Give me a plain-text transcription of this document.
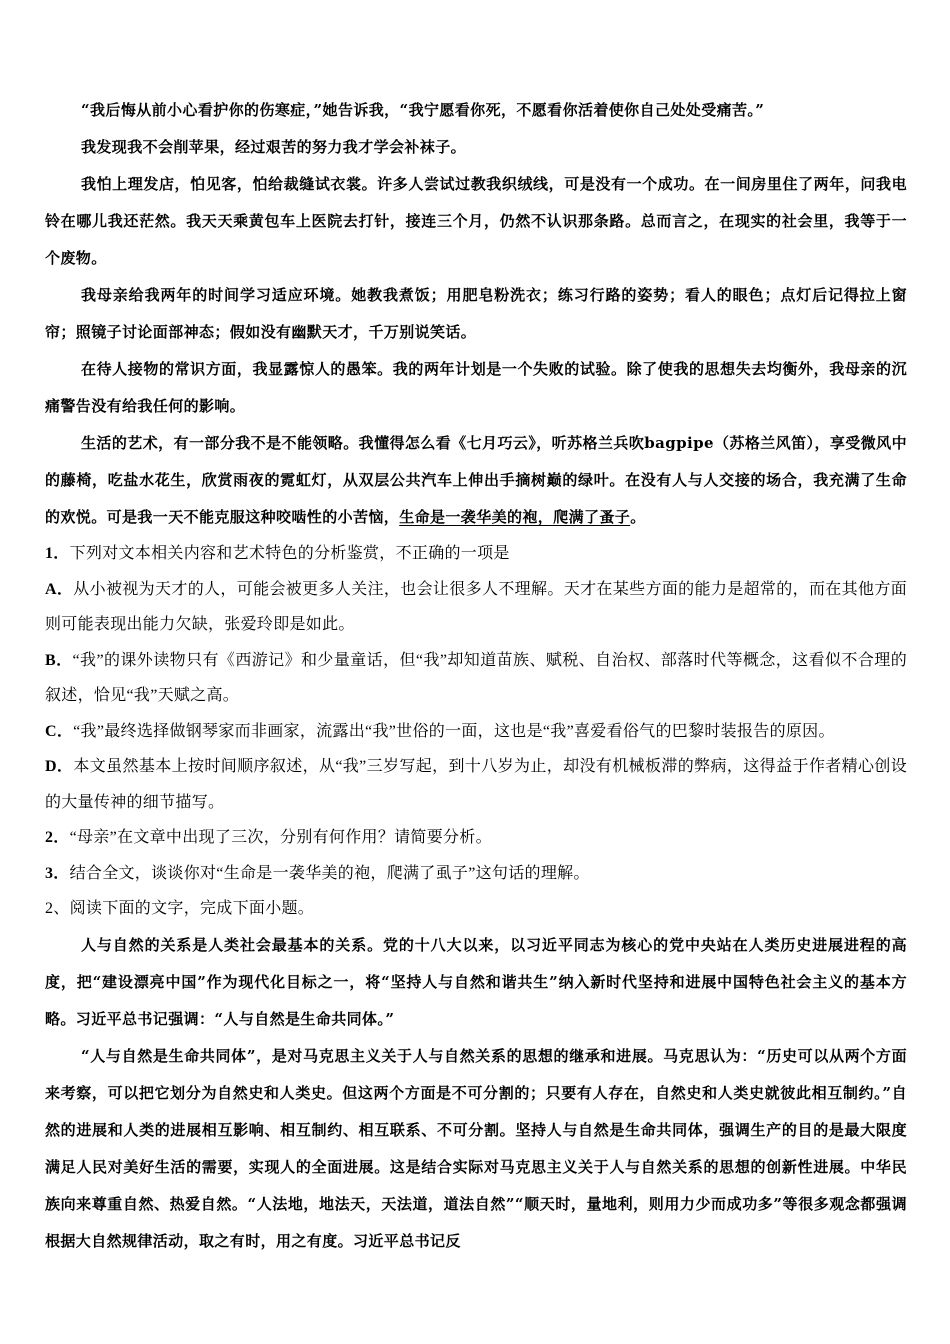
“我后悔从前小心看护你的伤寒症，”她告诉我，“我宁愿看你死，不愿看你活着使你自己处处受痛苦。”

我发现我不会削苹果，经过艰苦的努力我才学会补袜子。

我怕上理发店，怕见客，怕给裁缝试衣裳。许多人尝试过教我织绒线，可是没有一个成功。在一间房里住了两年，问我电铃在哪儿我还茫然。我天天乘黄包车上医院去打针，接连三个月，仍然不认识那条路。总而言之，在现实的社会里，我等于一个废物。

我母亲给我两年的时间学习适应环境。她教我煮饭；用肥皂粉洗衣；练习行路的姿势；看人的眼色；点灯后记得拉上窗帘；照镜子讨论面部神态；假如没有幽默天才，千万别说笑话。

在待人接物的常识方面，我显露惊人的愚笨。我的两年计划是一个失败的试验。除了使我的思想失去均衡外，我母亲的沉痛警告没有给我任何的影响。

生活的艺术，有一部分我不是不能领略。我懂得怎么看《七月巧云》，听苏格兰兵吹bagpipe（苏格兰风笛），享受微风中的藤椅，吃盐水花生，欣赏雨夜的霓虹灯，从双层公共汽车上伸出手摘树巅的绿叶。在没有人与人交接的场合，我充满了生命的欢悦。可是我一天不能克服这种咬啮性的小苦恼，生命是一袭华美的袍，爬满了蚤子。

1．下列对文本相关内容和艺术特色的分析鉴赏，不正确的一项是

A．从小被视为天才的人，可能会被更多人关注，也会让很多人不理解。天才在某些方面的能力是超常的，而在其他方面则可能表现出能力欠缺，张爱玲即是如此。

B．“我”的课外读物只有《西游记》和少量童话，但“我”却知道苗族、赋税、自治权、部落时代等概念，这看似不合理的叙述，恰见“我”天赋之高。

C．“我”最终选择做钢琴家而非画家，流露出“我”世俗的一面，这也是“我”喜爱看俗气的巴黎时装报告的原因。

D．本文虽然基本上按时间顺序叙述，从“我”三岁写起，到十八岁为止，却没有机械板滞的弊病，这得益于作者精心创设的大量传神的细节描写。

2．“母亲”在文章中出现了三次，分别有何作用？请简要分析。

3．结合全文，谈谈你对“生命是一袭华美的袍，爬满了虱子”这句话的理解。

2、阅读下面的文字，完成下面小题。

人与自然的关系是人类社会最基本的关系。党的十八大以来，以习近平同志为核心的党中央站在人类历史进展进程的高度，把“建设漂亮中国”作为现代化目标之一，将“坚持人与自然和谐共生”纳入新时代坚持和进展中国特色社会主义的基本方略。习近平总书记强调：“人与自然是生命共同体。”

“人与自然是生命共同体”，是对马克思主义关于人与自然关系的思想的继承和进展。马克思认为：“历史可以从两个方面来考察，可以把它划分为自然史和人类史。但这两个方面是不可分割的；只要有人存在，自然史和人类史就彼此相互制约。”自然的进展和人类的进展相互影响、相互制约、相互联系、不可分割。坚持人与自然是生命共同体，强调生产的目的是最大限度满足人民对美好生活的需要，实现人的全面进展。这是结合实际对马克思主义关于人与自然关系的思想的创新性进展。中华民族向来尊重自然、热爱自然。“人法地，地法天，天法道，道法自然”“顺天时，量地利，则用力少而成功多”等很多观念都强调根据大自然规律活动，取之有时，用之有度。习近平总书记反
